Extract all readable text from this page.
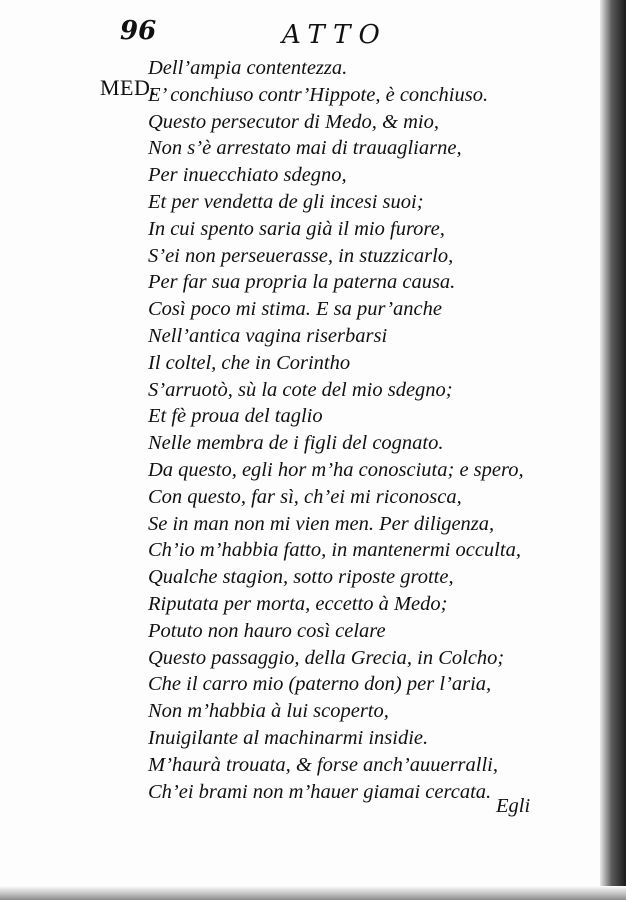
96	ATTO
MED.
Dell’ampia contentezza.
E’ conchiuso contr’Hippote, è conchiuso.
Questo persecutor di Medo, & mio,
Non s’è arrestato mai di trauagliarne,
Per inuecchiato sdegno,
Et per vendetta de gli incesi suoi;
In cui spento saria già il mio furore,
S’ei non perseuerasse, in stuzzicarlo,
Per far sua propria la paterna causa.
Così poco mi stima. E sa pur’anche
Nell’antica vagina riserbarsi
Il coltel, che in Corintho
S’arruotò, sù la cote del mio sdegno;
Et fè proua del taglio
Nelle membra de i figli del cognato.
Da questo, egli hor m’ha conosciuta; e spero,
Con questo, far sì, ch’ei mi riconosca,
Se in man non mi vien men. Per diligenza,
Ch’io m’habbia fatto, in mantenermi occulta,
Qualche stagion, sotto riposte grotte,
Riputata per morta, eccetto à Medo;
Potuto non hauro così celare
Questo passaggio, della Grecia, in Colcho;
Che il carro mio (paterno don) per l’aria,
Non m’habbia à lui scoperto,
Inuigilante al machinarmi insidie.
M’haurà trouata, & forse anch’auuerralli,
Ch’ei brami non m’hauer giamai cercata.
Egli
